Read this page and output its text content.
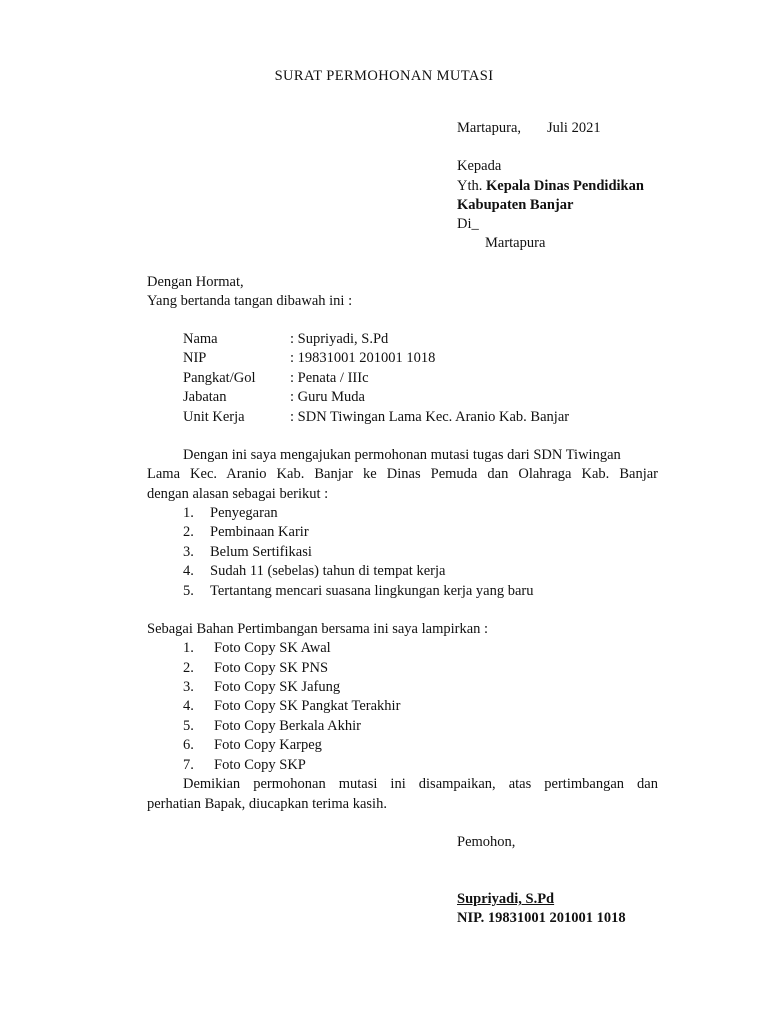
SURAT PERMOHONAN MUTASI
Martapura, Juli 2021
Kepada
Yth. Kepala Dinas Pendidikan
Kabupaten Banjar
Di_
Martapura
Dengan Hormat,
Yang bertanda tangan dibawah ini :
Nama	: Supriyadi, S.Pd
NIP	: 19831001 201001 1018
Pangkat/Gol : Penata / IIIc
Jabatan	: Guru Muda
Unit Kerja	: SDN Tiwingan Lama Kec. Aranio Kab. Banjar
Dengan ini saya mengajukan permohonan mutasi tugas dari SDN Tiwingan
Lama Kec. Aranio Kab. Banjar ke Dinas Pemuda dan Olahraga Kab. Banjar
dengan alasan sebagai berikut :
1. Penyegaran
2. Pembinaan Karir
3. Belum Sertifikasi
4. Sudah 11 (sebelas) tahun di tempat kerja
5. Tertantang mencari suasana lingkungan kerja yang baru
Sebagai Bahan Pertimbangan bersama ini saya lampirkan :
1. Foto Copy SK Awal
2. Foto Copy SK PNS
3. Foto Copy SK Jafung
4. Foto Copy SK Pangkat Terakhir
5. Foto Copy Berkala Akhir
6. Foto Copy Karpeg
7. Foto Copy SKP
Demikian permohonan mutasi ini disampaikan, atas pertimbangan dan
perhatian Bapak, diucapkan terima kasih.
Pemohon,
Supriyadi, S.Pd
NIP. 19831001 201001 1018
